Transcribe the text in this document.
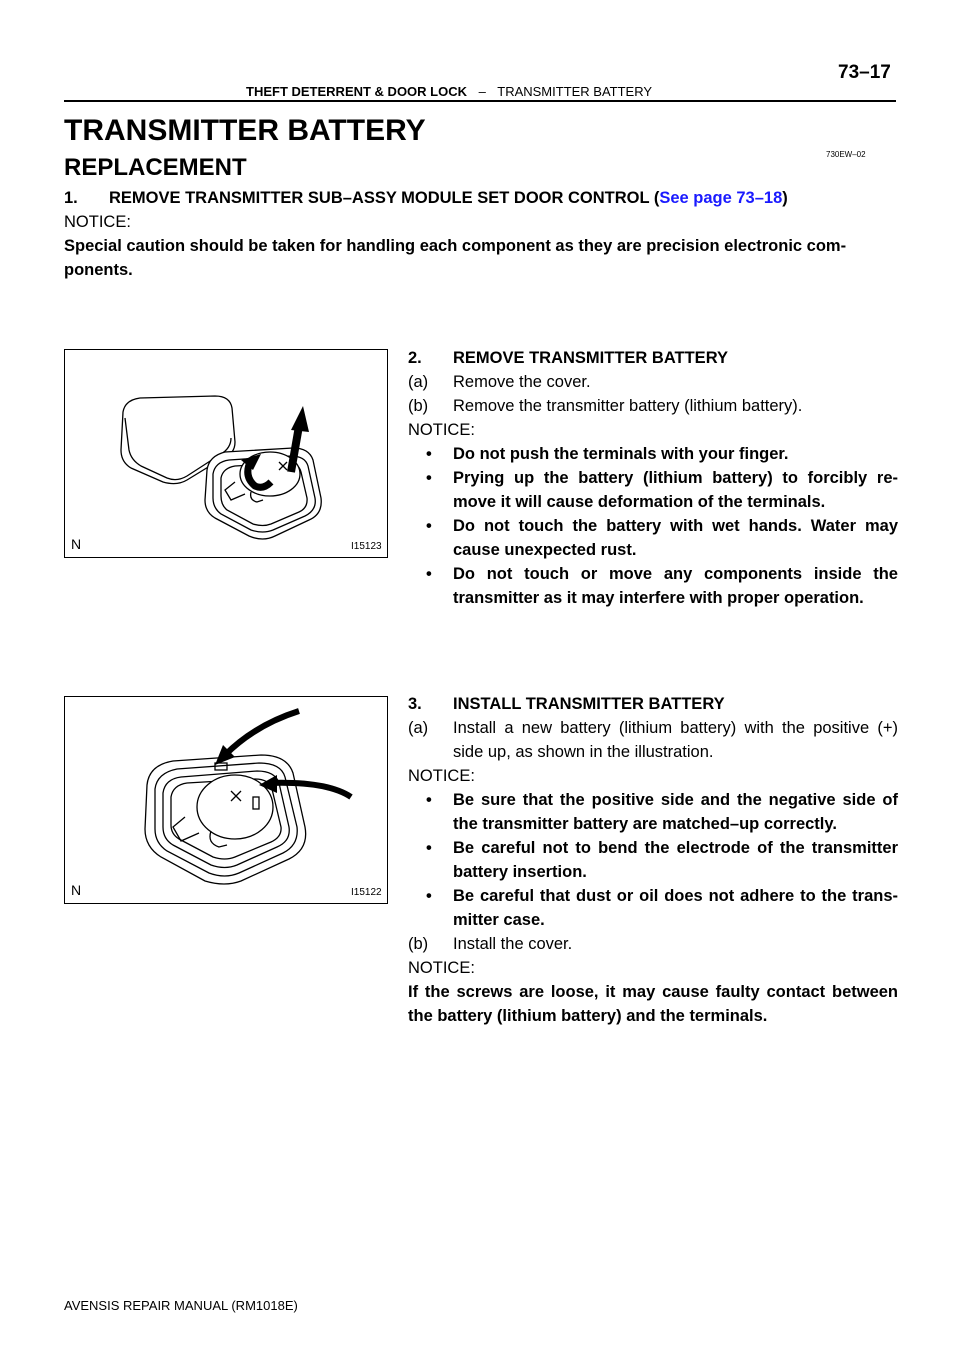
73–17
THEFT DETERRENT & DOOR LOCK – TRANSMITTER BATTERY
TRANSMITTER BATTERY
730EW–02
REPLACEMENT
1. REMOVE TRANSMITTER SUB–ASSY MODULE SET DOOR CONTROL (See page 73–18)
NOTICE:
Special caution should be taken for handling each component as they are precision electronic com-
ponents.
N	I15123
2. REMOVE TRANSMITTER BATTERY
(a) Remove the cover.
(b) Remove the transmitter battery (lithium battery).
NOTICE:
• Do not push the terminals with your finger.
• Prying up the battery (lithium battery) to forcibly re-
move it will cause deformation of the terminals.
• Do not touch the battery with wet hands. Water may
cause unexpected rust.
• Do not touch or move any components inside the
transmitter as it may interfere with proper operation.
N	I15122
3. INSTALL TRANSMITTER BATTERY
(a) Install a new battery (lithium battery) with the positive (+)
side up, as shown in the illustration.
NOTICE:
• Be sure that the positive side and the negative side of
the transmitter battery are matched–up correctly.
• Be careful not to bend the electrode of the transmitter
battery insertion.
• Be careful that dust or oil does not adhere to the trans-
mitter case.
(b) Install the cover.
NOTICE:
If the screws are loose, it may cause faulty contact between
the battery (lithium battery) and the terminals.
AVENSIS REPAIR MANUAL (RM1018E)
